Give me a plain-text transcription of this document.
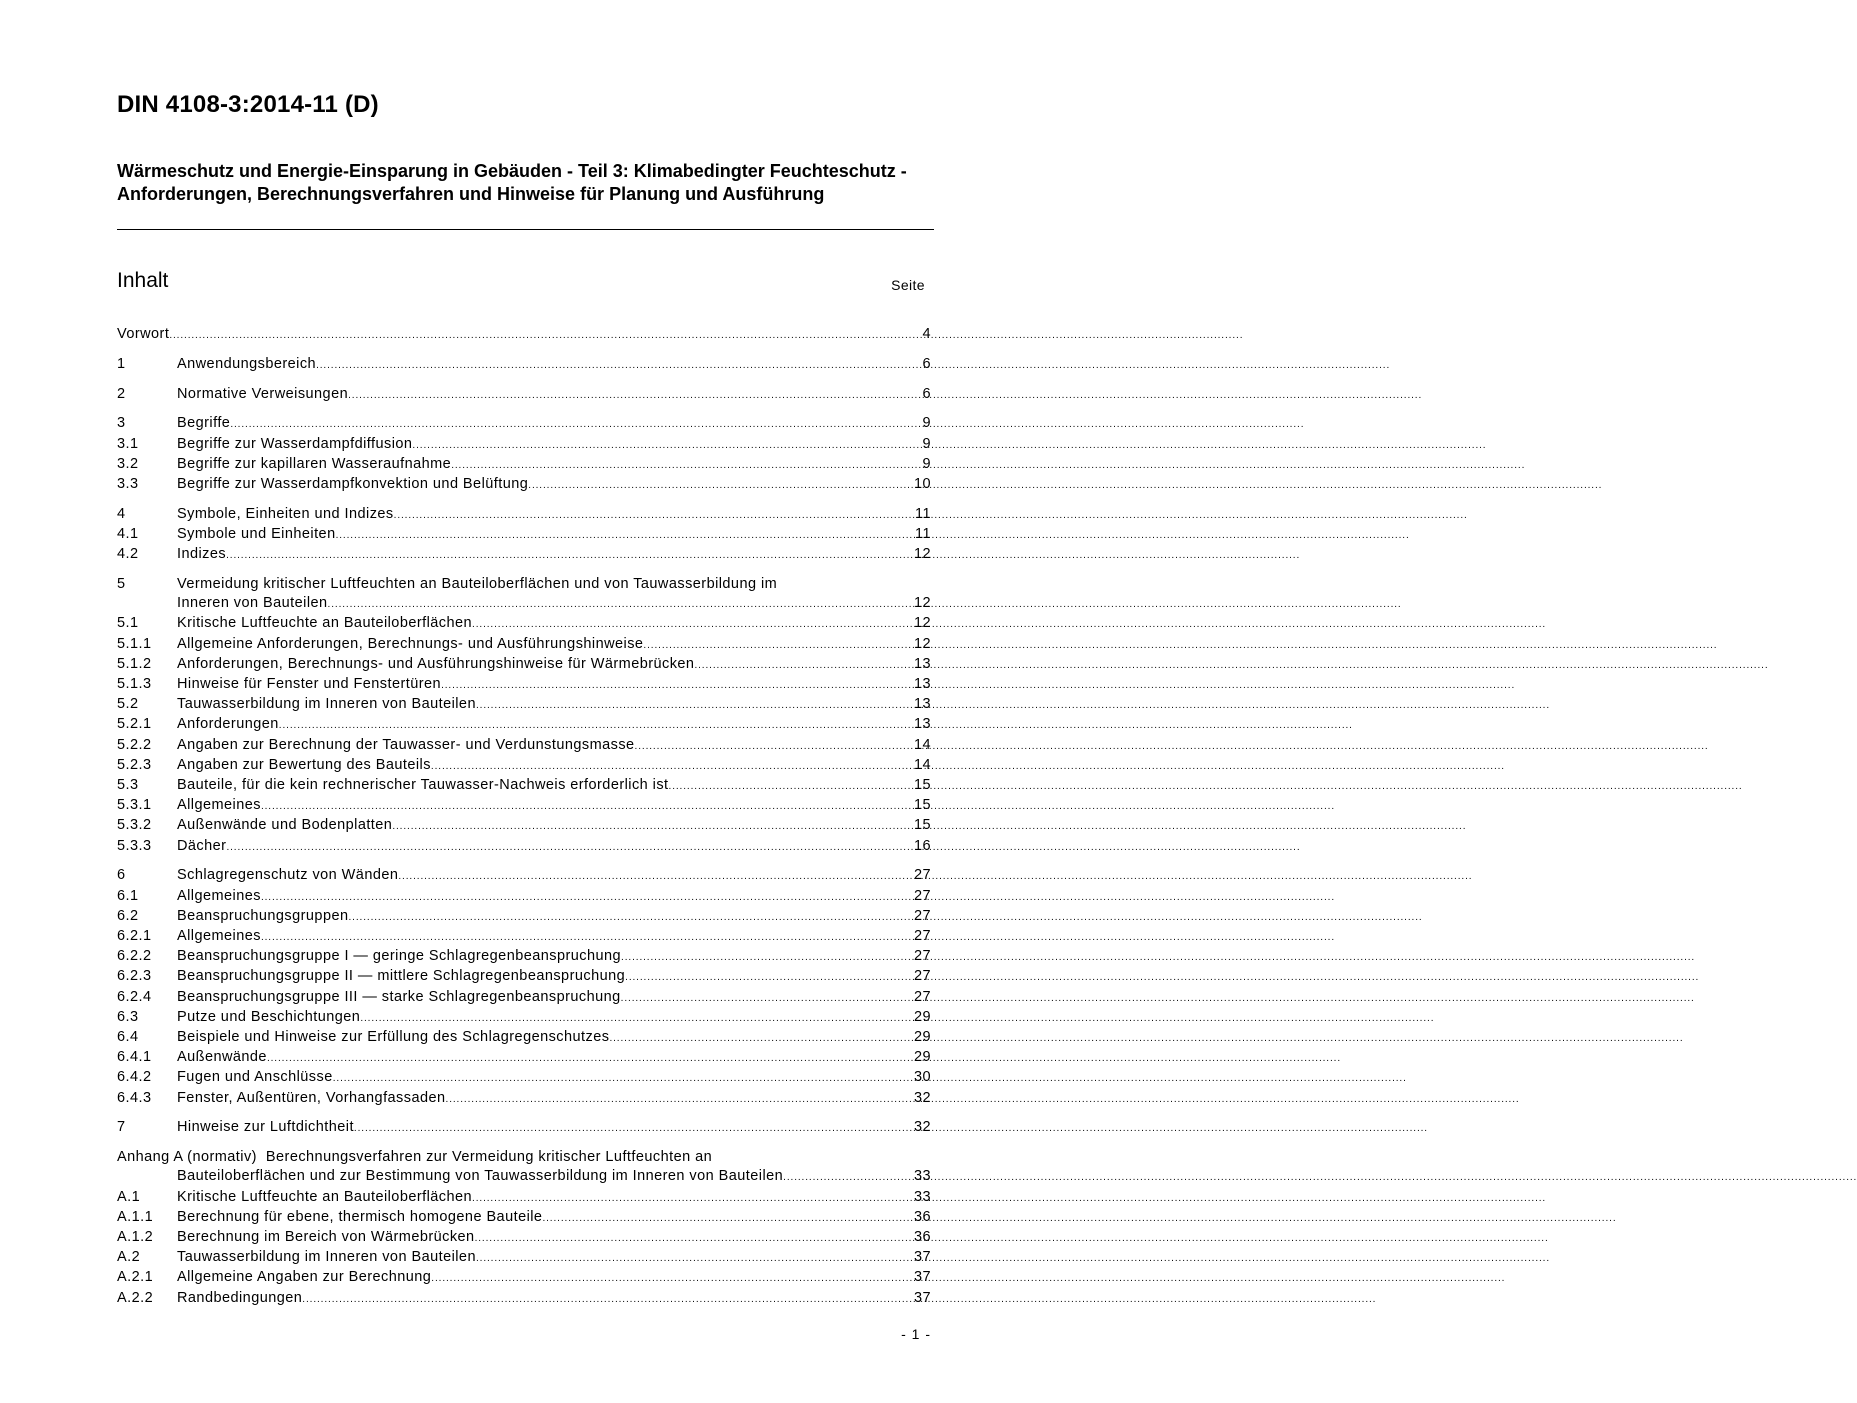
DIN 4108-3:2014-11 (D)
Wärmeschutz und Energie-Einsparung in Gebäuden - Teil 3: Klimabedingter Feuchteschutz - Anforderungen, Berechnungsverfahren und Hinweise für Planung und Ausführung
Inhalt	Seite
Vorwort .....	4
1	Anwendungsbereich .....	6
2	Normative Verweisungen .....	6
3	Begriffe .....	9
3.1	Begriffe zur Wasserdampfdiffusion .....	9
3.2	Begriffe zur kapillaren Wasseraufnahme .....	9
3.3	Begriffe zur Wasserdampfkonvektion und Belüftung .....	10
4	Symbole, Einheiten und Indizes .....	11
4.1	Symbole und Einheiten .....	11
4.2	Indizes .....	12
5	Vermeidung kritischer Luftfeuchten an Bauteiloberflächen und von Tauwasserbildung im
Inneren von Bauteilen .....	12
5.1	Kritische Luftfeuchte an Bauteiloberflächen .....	12
5.1.1	Allgemeine Anforderungen, Berechnungs- und Ausführungshinweise .....	12
5.1.2	Anforderungen, Berechnungs- und Ausführungshinweise für Wärmebrücken .....	13
5.1.3	Hinweise für Fenster und Fenstertüren .....	13
5.2	Tauwasserbildung im Inneren von Bauteilen .....	13
5.2.1	Anforderungen .....	13
5.2.2	Angaben zur Berechnung der Tauwasser- und Verdunstungsmasse .....	14
5.2.3	Angaben zur Bewertung des Bauteils .....	14
5.3	Bauteile, für die kein rechnerischer Tauwasser-Nachweis erforderlich ist .....	15
5.3.1	Allgemeines .....	15
5.3.2	Außenwände und Bodenplatten .....	15
5.3.3	Dächer .....	16
6	Schlagregenschutz von Wänden .....	27
6.1	Allgemeines .....	27
6.2	Beanspruchungsgruppen .....	27
6.2.1	Allgemeines .....	27
6.2.2	Beanspruchungsgruppe I — geringe Schlagregenbeanspruchung .....	27
6.2.3	Beanspruchungsgruppe II — mittlere Schlagregenbeanspruchung .....	27
6.2.4	Beanspruchungsgruppe III — starke Schlagregenbeanspruchung .....	27
6.3	Putze und Beschichtungen .....	29
6.4	Beispiele und Hinweise zur Erfüllung des Schlagregenschutzes .....	29
6.4.1	Außenwände .....	29
6.4.2	Fugen und Anschlüsse .....	30
6.4.3	Fenster, Außentüren, Vorhangfassaden .....	32
7	Hinweise zur Luftdichtheit .....	32
Anhang A (normativ) Berechnungsverfahren zur Vermeidung kritischer Luftfeuchten an
Bauteiloberflächen und zur Bestimmung von Tauwasserbildung im Inneren von Bauteilen .....	33
A.1	Kritische Luftfeuchte an Bauteiloberflächen .....	33
A.1.1	Berechnung für ebene, thermisch homogene Bauteile .....	36
A.1.2	Berechnung im Bereich von Wärmebrücken .....	36
A.2	Tauwasserbildung im Inneren von Bauteilen .....	37
A.2.1	Allgemeine Angaben zur Berechnung .....	37
A.2.2	Randbedingungen .....	37
- 1 -
